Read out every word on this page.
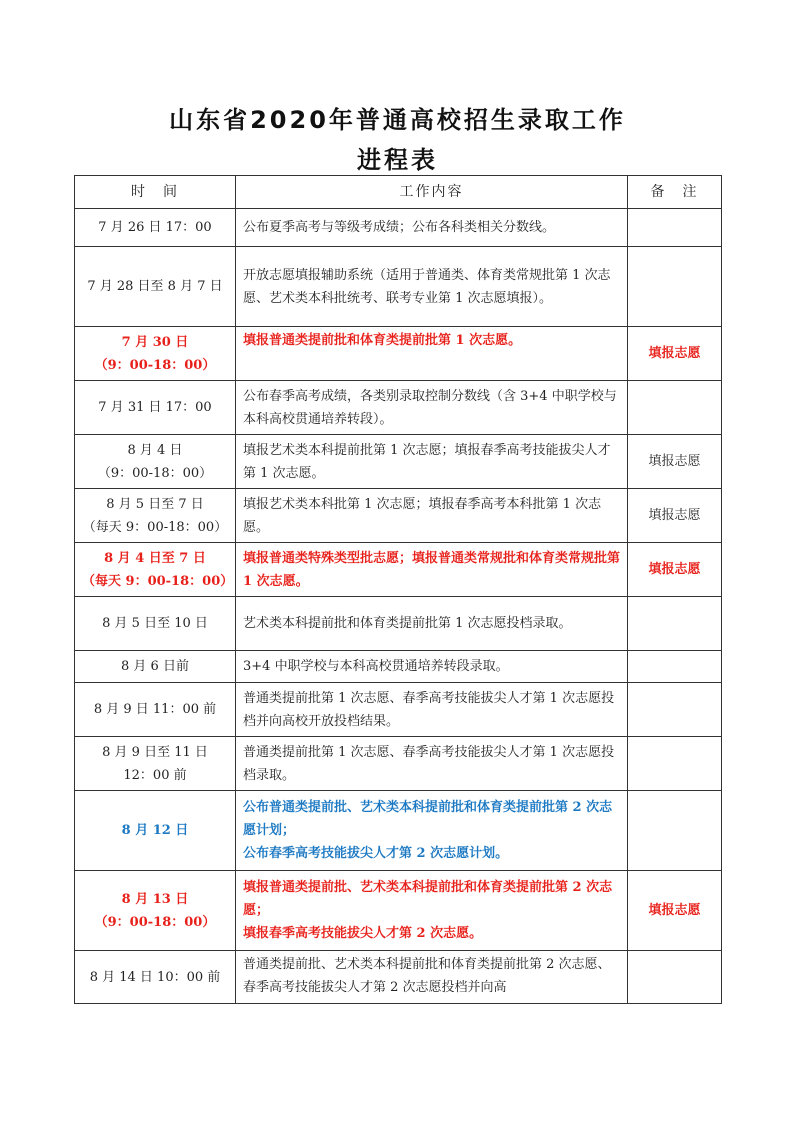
山东省2020年普通高校招生录取工作
进程表
时　间	工作内容	备　注

7 月 26 日 17：00	公布夏季高考与等级考成绩；公布各科类相关分数线。	

7 月 28 日至 8 月 7 日	开放志愿填报辅助系统（适用于普通类、体育类常规批第 1 次志愿、艺术类本科批统考、联考专业第 1 次志愿填报）。	

7 月 30 日
（9：00-18：00）	填报普通类提前批和体育类提前批第 1 次志愿。	填报志愿

7 月 31 日 17：00	公布春季高考成绩，各类别录取控制分数线（含 3+4 中职学校与本科高校贯通培养转段）。	

8 月 4 日
（9：00-18：00）	填报艺术类本科提前批第 1 次志愿；填报春季高考技能拔尖人才第 1 次志愿。	填报志愿

8 月 5 日至 7 日
（每天 9：00-18：00）	填报艺术类本科批第 1 次志愿；填报春季高考本科批第 1 次志愿。	填报志愿

8 月 4 日至 7 日
（每天 9：00-18：00）	填报普通类特殊类型批志愿；填报普通类常规批和体育类常规批第 1 次志愿。	填报志愿

8 月 5 日至 10 日	艺术类本科提前批和体育类提前批第 1 次志愿投档录取。	

8 月 6 日前	3+4 中职学校与本科高校贯通培养转段录取。	

8 月 9 日 11：00 前	普通类提前批第 1 次志愿、春季高考技能拔尖人才第 1 次志愿投档并向高校开放投档结果。	

8 月 9 日至 11 日
12：00 前	普通类提前批第 1 次志愿、春季高考技能拔尖人才第 1 次志愿投档录取。	

8 月 12 日	公布普通类提前批、艺术类本科提前批和体育类提前批第 2 次志愿计划；
公布春季高考技能拔尖人才第 2 次志愿计划。	

8 月 13 日
（9：00-18：00）	填报普通类提前批、艺术类本科提前批和体育类提前批第 2 次志愿；
填报春季高考技能拔尖人才第 2 次志愿。	填报志愿

8 月 14 日 10：00 前	普通类提前批、艺术类本科提前批和体育类提前批第 2 次志愿、春季高考技能拔尖人才第 2 次志愿投档并向高	
